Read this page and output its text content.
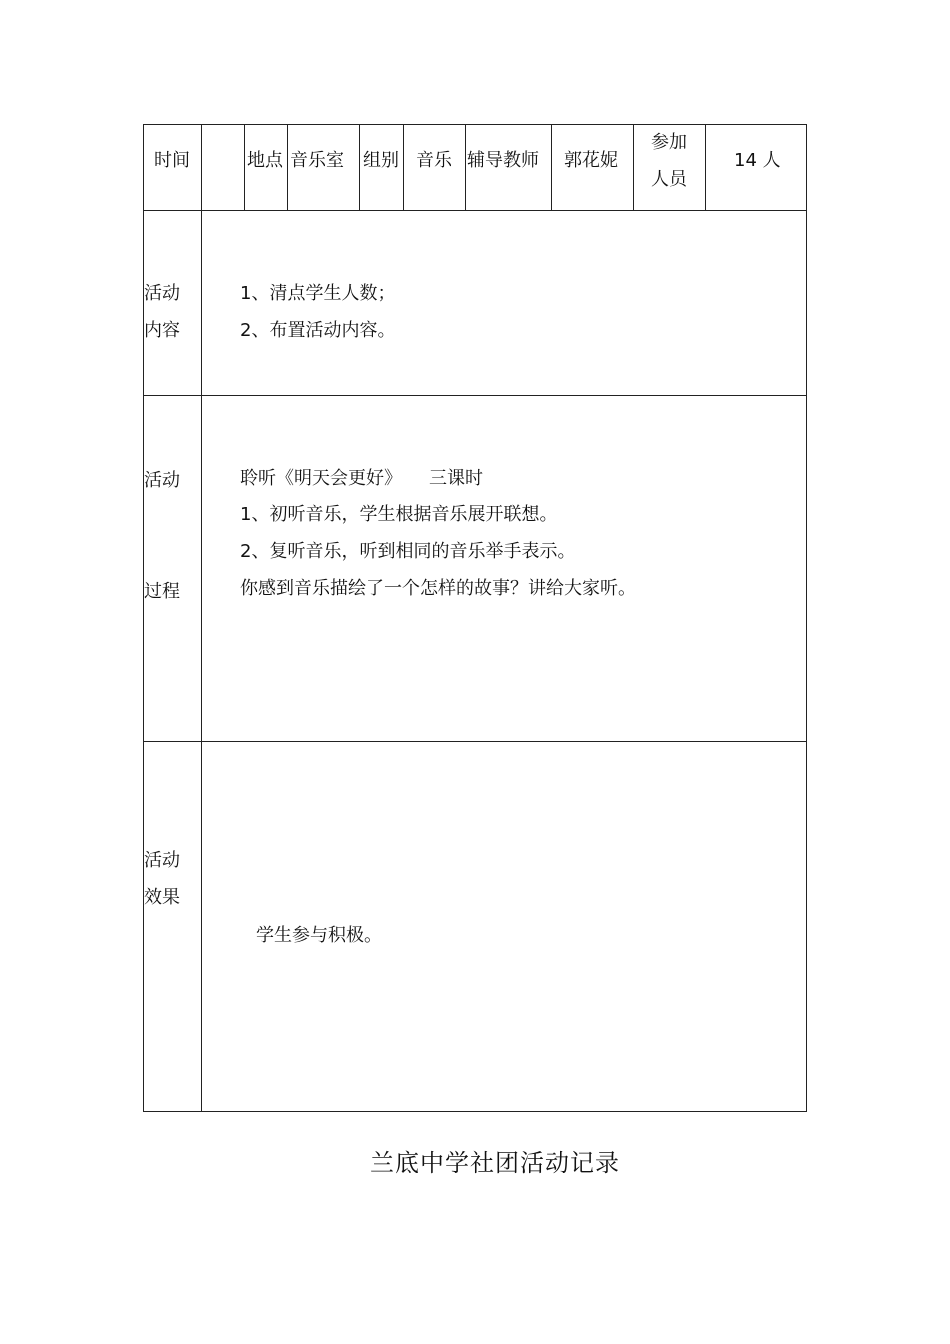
时间	地点 音乐室 组别 音乐 辅导教师 郭花妮
参加
人员
14 人
活动
内容
1、清点学生人数；
2、布置活动内容。
活动
过程
聆听《明天会更好》　　三课时
1、初听音乐，学生根据音乐展开联想。
2、复听音乐，听到相同的音乐举手表示。
你感到音乐描绘了一个怎样的故事？讲给大家听。
活动
效果
学生参与积极。
兰底中学社团活动记录
